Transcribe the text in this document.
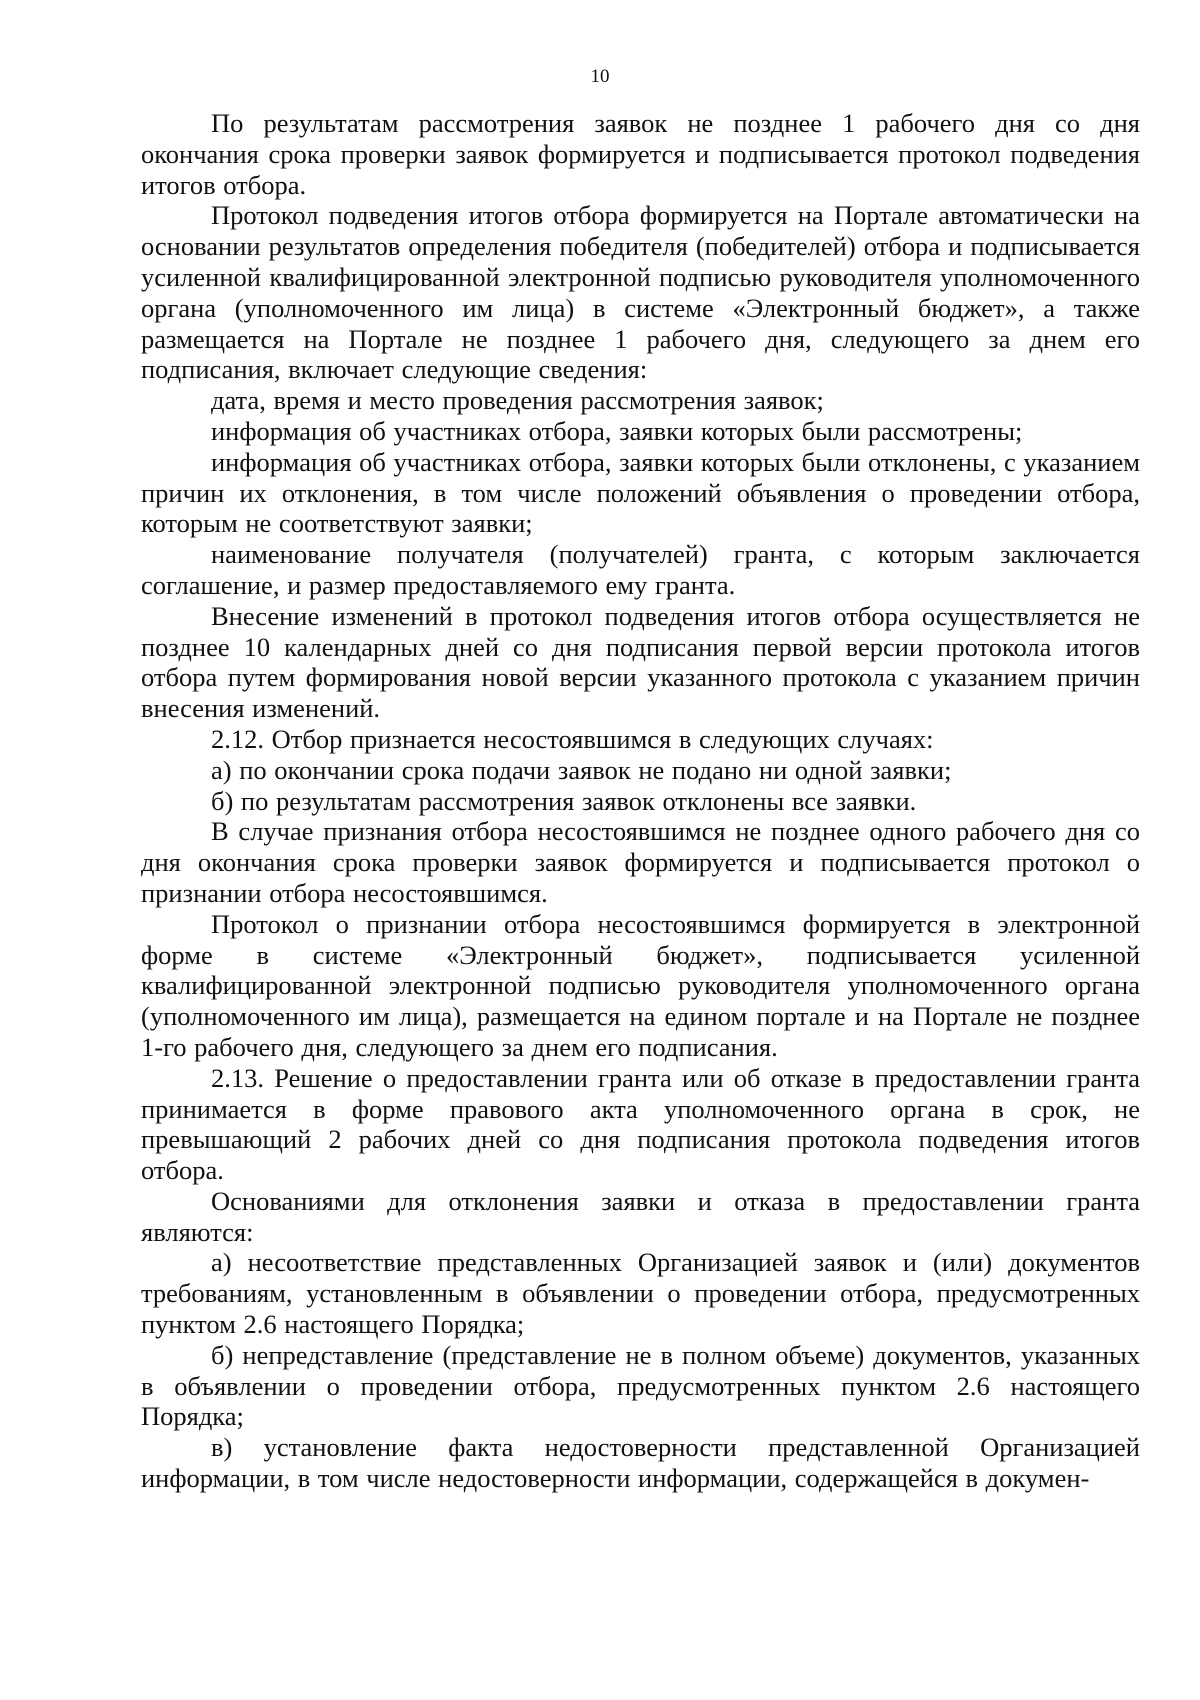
10

По результатам рассмотрения заявок не позднее 1 рабочего дня со дня окончания срока проверки заявок формируется и подписывается протокол подведения итогов отбора.

Протокол подведения итогов отбора формируется на Портале автоматически на основании результатов определения победителя (победителей) отбора и подписывается усиленной квалифицированной электронной подписью руководителя уполномоченного органа (уполномоченного им лица) в системе «Электронный бюджет», а также размещается на Портале не позднее 1 рабочего дня, следующего за днем его подписания, включает следующие сведения:

дата, время и место проведения рассмотрения заявок;

информация об участниках отбора, заявки которых были рассмотрены;

информация об участниках отбора, заявки которых были отклонены, с указанием причин их отклонения, в том числе положений объявления о проведении отбора, которым не соответствуют заявки;

наименование получателя (получателей) гранта, с которым заключается соглашение, и размер предоставляемого ему гранта.

Внесение изменений в протокол подведения итогов отбора осуществляется не позднее 10 календарных дней со дня подписания первой версии протокола итогов отбора путем формирования новой версии указанного протокола с указанием причин внесения изменений.

2.12. Отбор признается несостоявшимся в следующих случаях:

а) по окончании срока подачи заявок не подано ни одной заявки;

б) по результатам рассмотрения заявок отклонены все заявки.

В случае признания отбора несостоявшимся не позднее одного рабочего дня со дня окончания срока проверки заявок формируется и подписывается протокол о признании отбора несостоявшимся.

Протокол о признании отбора несостоявшимся формируется в электронной форме в системе «Электронный бюджет», подписывается усиленной квалифицированной электронной подписью руководителя уполномоченного органа (уполномоченного им лица), размещается на едином портале и на Портале не позднее 1-го рабочего дня, следующего за днем его подписания.

2.13. Решение о предоставлении гранта или об отказе в предоставлении гранта принимается в форме правового акта уполномоченного органа в срок, не превышающий 2 рабочих дней со дня подписания протокола подведения итогов отбора.

Основаниями для отклонения заявки и отказа в предоставлении гранта являются:

а) несоответствие представленных Организацией заявок и (или) документов требованиям, установленным в объявлении о проведении отбора, предусмотренных пунктом 2.6 настоящего Порядка;

б) непредставление (представление не в полном объеме) документов, указанных в объявлении о проведении отбора, предусмотренных пунктом 2.6 настоящего Порядка;

в) установление факта недостоверности представленной Организацией информации, в том числе недостоверности информации, содержащейся в докумен-
